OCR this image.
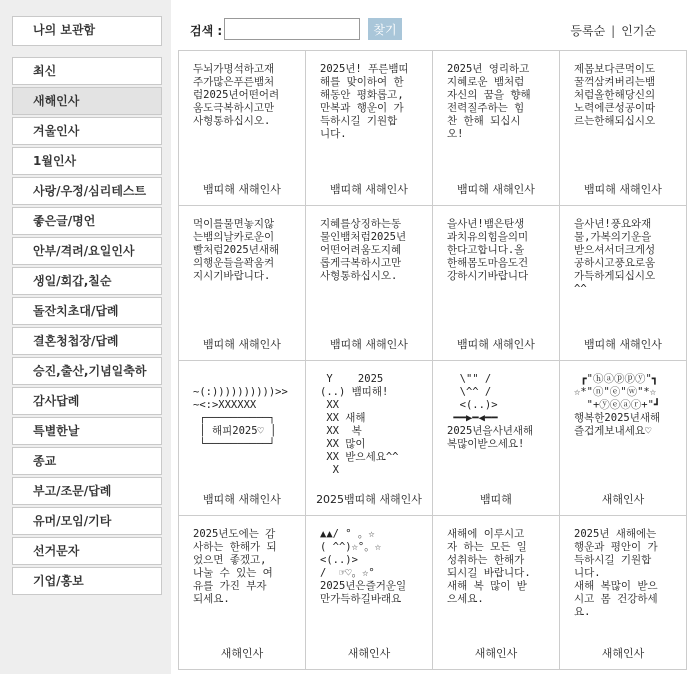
나의 보관함
최신
새해인사
겨울인사
1월인사
사랑/우정/심리테스트
좋은글/명언
안부/격려/요일인사
생일/회갑,칠순
돌잔치초대/답례
결혼청첩장/답례
승진,출산,기념일축하
감사답례
특별한날
종교
부고/조문/답례
유머/모임/기타
선거문자
기업/홍보
검색 :	찾기	등록순 | 인기순
두뇌가명석하고재
주가많은푸른뱀처
럼2025년어떤어려
움도극복하시고만
사형통하십시오.
뱀띠해 새해인사
2025년! 푸른뱀띠
해를 맞이하여 한
해동안 평화롭고,
만복과 행운이 가
득하시길 기원합
니다.
뱀띠해 새해인사
2025년 영리하고
지혜로운 뱀처럼
자신의 꿈을 향해
전력질주하는 힘
찬 한해 되십시
오!
뱀띠해 새해인사
제몸보다큰먹이도
꿀꺽삼켜버리는뱀
처럼올한해당신의
노력에큰성공이따
르는한해되십시오
뱀띠해 새해인사
먹이를물면놓지않
는뱀의날카로운이
빨처럼2025년새해
의행운들을꽉움켜
지시기바랍니다.
뱀띠해 새해인사
지혜를상징하는동
물인뱀처럼2025년
어떤어려움도지혜
롭게극복하시고만
사형통하십시오.
뱀띠해 새해인사
을사년!뱀은탄생
과치유의힘을의미
한다고합니다.올
한해몸도마음도건
강하시기바랍니다
뱀띠해 새해인사
을사년!풍요와재
물,가복의기운을
받으셔서더크게성
공하시고풍요로움
가득하게되십시오
^^
뱀띠해 새해인사

~(:))))))))))>>
~<:>XXXXXX
┌──────────┐
│ 해피2025♡ │
└──────────┘
뱀띠해 새해인사
Y    2025
(..) 뱀띠해!
XX
XX 새해
XX  복
XX 많이
XX 받으세요^^
X
2025뱀띠해 새해인사
\"" /
\^^ /
<(..)>
━━▶━◀━━
2025년을사년새해
복많이받으세요!
뱀띠해
┏"ⓗⓐⓟⓟⓨ"┓
☆*"ⓝ"ⓔ"ⓦ"*☆
"+ⓨⓔⓐⓡ+"┛
행복한2025년새해
즐겁게보내세요♡
새해인사
2025년도에는 감
사하는 한해가 되
었으면 좋겠고,
나눌 수 있는 여
유를 가진 부자
되세요.
새해인사
▲▲/ ° 。☆
( ^^)☆°。☆
<(..)>
/  ☞♡。☆°
2025년은즐거운일
만가득하길바래요
새해인사
새해에 이루시고
자 하는 모든 일
성취하는 한해가
되시길 바랍니다.
새해 복 많이 받
으세요.
새해인사
2025년 새해에는
행운과 평안이 가
득하시길 기원합
니다.
새해 복많이 받으
시고 몸 건강하세
요.
새해인사
